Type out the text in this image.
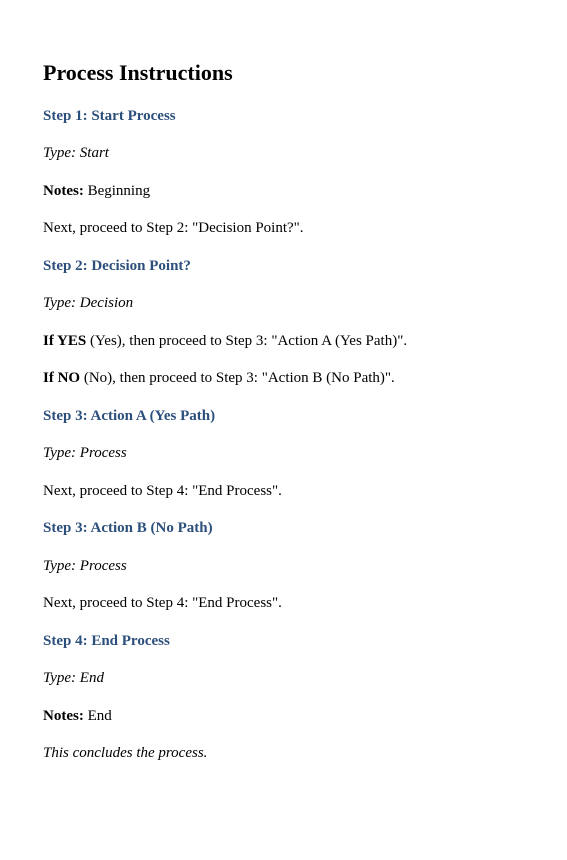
Process Instructions

Step 1: Start Process

Type: Start

Notes: Beginning

Next, proceed to Step 2: "Decision Point?".

Step 2: Decision Point?

Type: Decision

If YES (Yes), then proceed to Step 3: "Action A (Yes Path)".

If NO (No), then proceed to Step 3: "Action B (No Path)".

Step 3: Action A (Yes Path)

Type: Process

Next, proceed to Step 4: "End Process".

Step 3: Action B (No Path)

Type: Process

Next, proceed to Step 4: "End Process".

Step 4: End Process

Type: End

Notes: End

This concludes the process.
